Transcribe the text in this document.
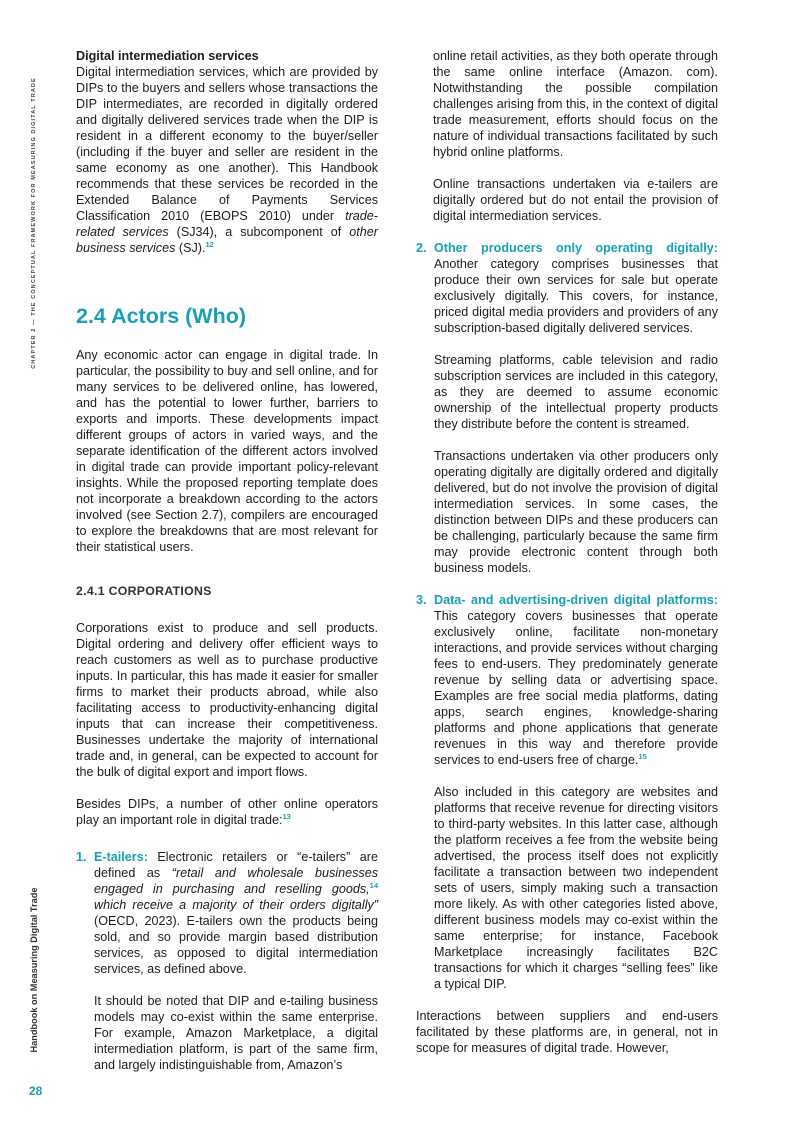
CHAPTER 2 — THE CONCEPTUAL FRAMEWORK FOR MEASURING DIGITAL TRADE
Handbook on Measuring Digital Trade
28

Digital intermediation services

Digital intermediation services, which are provided by DIPs to the buyers and sellers whose transactions the DIP intermediates, are recorded in digitally ordered and digitally delivered services trade when the DIP is resident in a different economy to the buyer/seller (including if the buyer and seller are resident in the same economy as one another). This Handbook recommends that these services be recorded in the Extended Balance of Payments Services Classification 2010 (EBOPS 2010) under trade-related services (SJ34), a subcomponent of other business services (SJ).$^{12}$

2.4 Actors (Who)

Any economic actor can engage in digital trade. In particular, the possibility to buy and sell online, and for many services to be delivered online, has lowered, and has the potential to lower further, barriers to exports and imports. These developments impact different groups of actors in varied ways, and the separate identification of the different actors involved in digital trade can provide important policy-relevant insights. While the proposed reporting template does not incorporate a breakdown according to the actors involved (see Section 2.7), compilers are encouraged to explore the breakdowns that are most relevant for their statistical users.

2.4.1 CORPORATIONS

Corporations exist to produce and sell products. Digital ordering and delivery offer efficient ways to reach customers as well as to purchase productive inputs. In particular, this has made it easier for smaller firms to market their products abroad, while also facilitating access to productivity-enhancing digital inputs that can increase their competitiveness. Businesses undertake the majority of international trade and, in general, can be expected to account for the bulk of digital export and import flows.

Besides DIPs, a number of other online operators play an important role in digital trade:$^{13}$

1. E-tailers: Electronic retailers or “e-tailers” are defined as “retail and wholesale businesses engaged in purchasing and reselling goods,$^{14}$ which receive a majority of their orders digitally” (OECD, 2023). E-tailers own the products being sold, and so provide margin based distribution services, as opposed to digital intermediation services, as defined above.

It should be noted that DIP and e-tailing business models may co-exist within the same enterprise. For example, Amazon Marketplace, a digital intermediation platform, is part of the same firm, and largely indistinguishable from, Amazon’s

online retail activities, as they both operate through the same online interface (Amazon. com). Notwithstanding the possible compilation challenges arising from this, in the context of digital trade measurement, efforts should focus on the nature of individual transactions facilitated by such hybrid online platforms.

Online transactions undertaken via e-tailers are digitally ordered but do not entail the provision of digital intermediation services.

2. Other producers only operating digitally: Another category comprises businesses that produce their own services for sale but operate exclusively digitally. This covers, for instance, priced digital media providers and providers of any subscription-based digitally delivered services.

Streaming platforms, cable television and radio subscription services are included in this category, as they are deemed to assume economic ownership of the intellectual property products they distribute before the content is streamed.

Transactions undertaken via other producers only operating digitally are digitally ordered and digitally delivered, but do not involve the provision of digital intermediation services. In some cases, the distinction between DIPs and these producers can be challenging, particularly because the same firm may provide electronic content through both business models.

3. Data- and advertising-driven digital platforms: This category covers businesses that operate exclusively online, facilitate non-monetary interactions, and provide services without charging fees to end-users. They predominately generate revenue by selling data or advertising space. Examples are free social media platforms, dating apps, search engines, knowledge-sharing platforms and phone applications that generate revenues in this way and therefore provide services to end-users free of charge.$^{15}$

Also included in this category are websites and platforms that receive revenue for directing visitors to third-party websites. In this latter case, although the platform receives a fee from the website being advertised, the process itself does not explicitly facilitate a transaction between two independent sets of users, simply making such a transaction more likely. As with other categories listed above, different business models may co-exist within the same enterprise; for instance, Facebook Marketplace increasingly facilitates B2C transactions for which it charges “selling fees” like a typical DIP.

Interactions between suppliers and end-users facilitated by these platforms are, in general, not in scope for measures of digital trade. However,
